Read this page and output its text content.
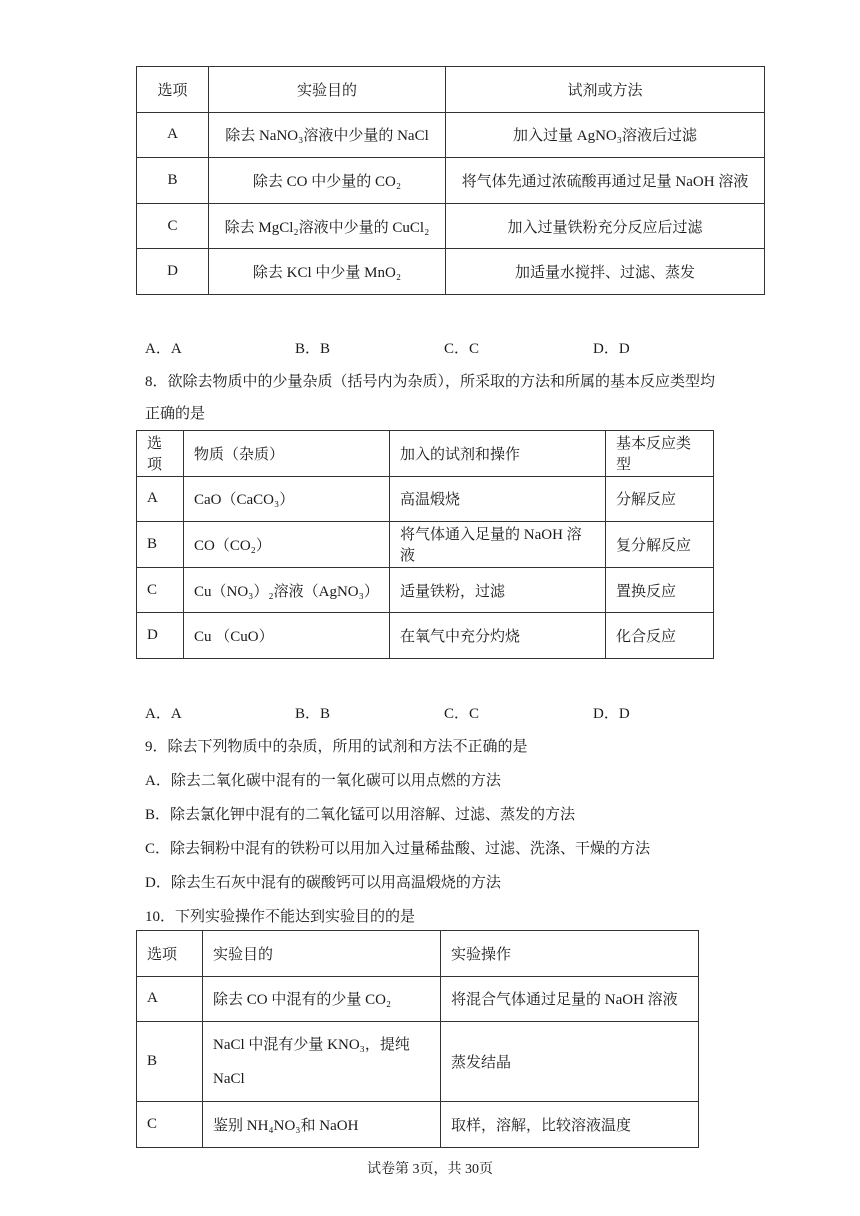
选项	实验目的	试剂或方法
A	除去 NaNO₃溶液中少量的 NaCl	加入过量 AgNO₃溶液后过滤
B	除去 CO 中少量的 CO₂	将气体先通过浓硫酸再通过足量 NaOH 溶液
C	除去 MgCl₂溶液中少量的 CuCl₂	加入过量铁粉充分反应后过滤
D	除去 KCl 中少量 MnO₂	加适量水搅拌、过滤、蒸发
A．A	B．B	C．C	D．D
8．欲除去物质中的少量杂质（括号内为杂质），所采取的方法和所属的基本反应类型均
正确的是
选项	物质（杂质）	加入的试剂和操作	基本反应类型
A	CaO（CaCO₃）	高温煅烧	分解反应
B	CO（CO₂）	将气体通入足量的 NaOH 溶液	复分解反应
C	Cu（NO₃）₂溶液（AgNO₃）	适量铁粉，过滤	置换反应
D	Cu （CuO）	在氧气中充分灼烧	化合反应
A．A	B．B	C．C	D．D
9．除去下列物质中的杂质，所用的试剂和方法不正确的是
A．除去二氧化碳中混有的一氧化碳可以用点燃的方法
B．除去氯化钾中混有的二氧化锰可以用溶解、过滤、蒸发的方法
C．除去铜粉中混有的铁粉可以用加入过量稀盐酸、过滤、洗涤、干燥的方法
D．除去生石灰中混有的碳酸钙可以用高温煅烧的方法
10．下列实验操作不能达到实验目的的是
选项	实验目的	实验操作
A	除去 CO 中混有的少量 CO₂	将混合气体通过足量的 NaOH 溶液
B	NaCl 中混有少量 KNO₃，提纯 NaCl	蒸发结晶
C	鉴别 NH₄NO₃和 NaOH	取样，溶解，比较溶液温度
试卷第 3页，共 30页
